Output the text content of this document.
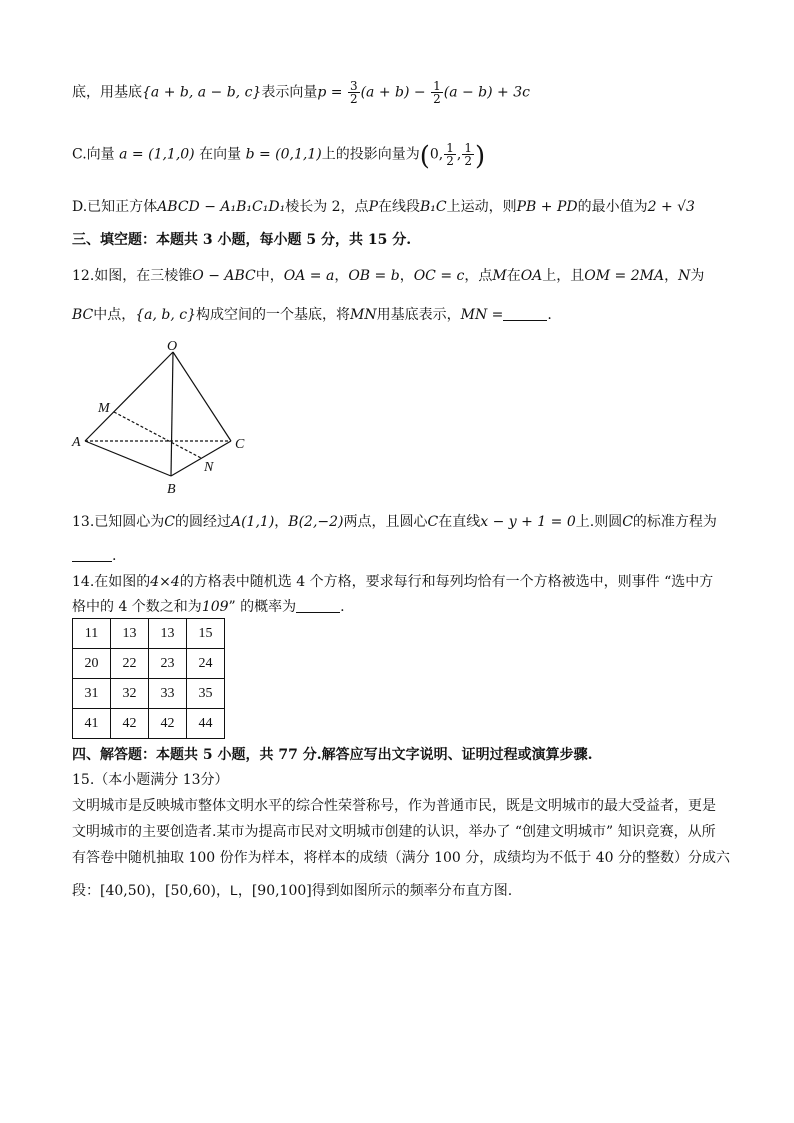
底，用基底{a + b, a − b, c}表示向量$p = \frac{3}{2} (a + b) - \frac{1}{2} (a - b) + 3c$
C.向量 a = (1,1,0) 在向量 b = (0,1,1)上的投影向量为(0, $\frac{1}{2}$ , $\frac{1}{2}$ )
D.已知正方体ABCD − A₁B₁C₁D₁棱长为 2，点P在线段B₁C上运动，则PB + PD的最小值为2 + √3
三、填空题：本题共 3 小题，每小题 5 分，共 15 分.
12.如图，在三棱锥O − ABC中，OA = a，OB = b，OC = c，点M在OA上，且OM = 2MA，N为
BC中点，{a, b, c}构成空间的一个基底，将MN用基底表示，MN =	.
O
M
A	C
N
B
13.已知圆心为C的圆经过A(1,1)，B(2,−2)两点，且圆心C在直线x − y + 1 = 0上.则圆C的标准方程为
.
14.在如图的4×4的方格表中随机选 4 个方格，要求每行和每列均恰有一个方格被选中，则事件 “选中方
格中的 4 个数之和为109” 的概率为	.
11	13	13	15
20	22	23	24
31	32	33	35
41	42	42	44
四、解答题：本题共 5 小题，共 77 分.解答应写出文字说明、证明过程或演算步骤.
15.（本小题满分 13分）
文明城市是反映城市整体文明水平的综合性荣誉称号，作为普通市民，既是文明城市的最大受益者，更是
文明城市的主要创造者.某市为提高市民对文明城市创建的认识，举办了 “创建文明城市” 知识竞赛，从所
有答卷中随机抽取 100 份作为样本，将样本的成绩（满分 100 分，成绩均为不低于 40 分的整数）分成六
段：[40,50)，[50,60)，L，[90,100]得到如图所示的频率分布直方图.
